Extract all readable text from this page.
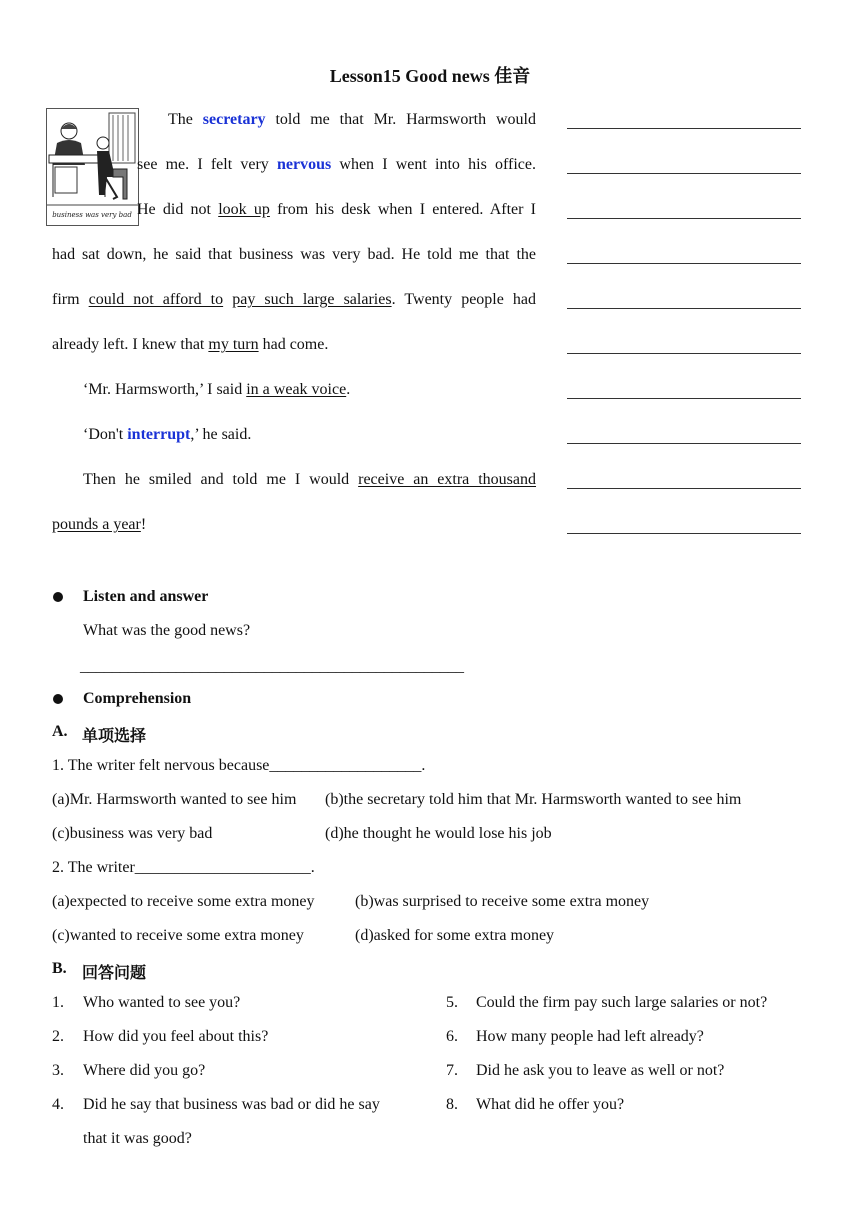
Lesson15 Good news 佳音
business was very bad
The secretary told me that Mr. Harmsworth would
see me. I felt very nervous when I went into his office.
He did not look up from his desk when I entered. After I
had sat down, he said that business was very bad. He told me that the
firm could not afford to pay such large salaries. Twenty people had
already left. I knew that my turn had come.
‘Mr. Harmsworth,’ I said in a weak voice.
‘Don't interrupt,’ he said.
Then he smiled and told me I would receive an extra thousand
pounds a year!
Listen and answer
What was the good news?
________________________________________________
Comprehension
A. 单项选择
1. The writer felt nervous because___________________.
(a)Mr. Harmsworth wanted to see him (b)the secretary told him that Mr. Harmsworth wanted to see him
(c)business was very bad	(d)he thought he would lose his job
2. The writer______________________.
(a)expected to receive some extra money	(b)was surprised to receive some extra money
(c)wanted to receive some extra money	(d)asked for some extra money
B. 回答问题
1. Who wanted to see you?
2. How did you feel about this?
3. Where did you go?
4. Did he say that business was bad or did he say
that it was good?
5. Could the firm pay such large salaries or not?
6. How many people had left already?
7. Did he ask you to leave as well or not?
8. What did he offer you?
